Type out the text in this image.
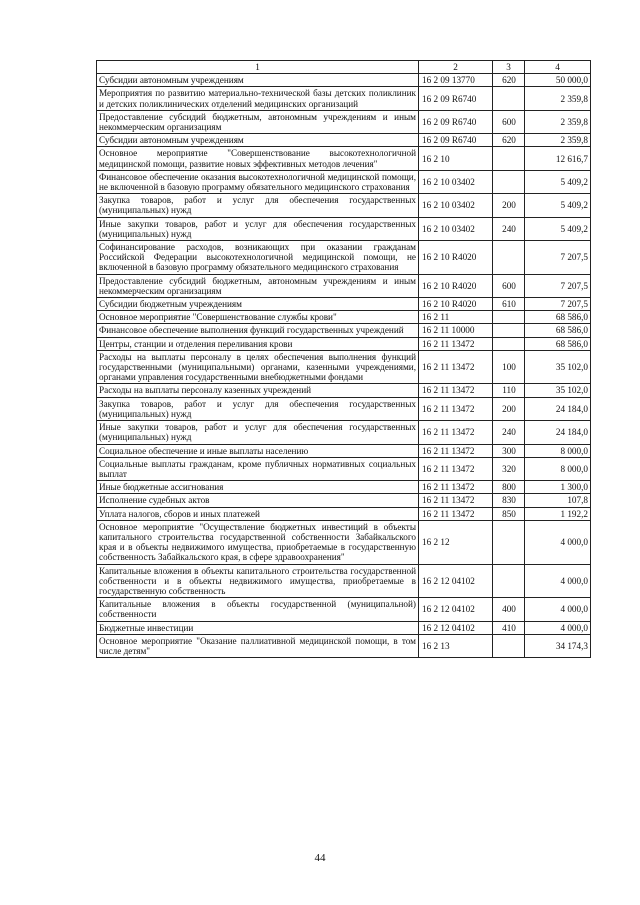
1	2	3	4
Субсидии автономным учреждениям	16 2 09 13770	620	50 000,0
Мероприятия по развитию материально-технической базы детских поликлиник и детских поликлинических отделений медицинских организаций	16 2 09 R6740		2 359,8
Предоставление субсидий бюджетным, автономным учреждениям и иным некоммерческим организациям	16 2 09 R6740	600	2 359,8
Субсидии автономным учреждениям	16 2 09 R6740	620	2 359,8
Основное мероприятие "Совершенствование высокотехнологичной медицинской помощи, развитие новых эффективных методов лечения"	16 2 10		12 616,7
Финансовое обеспечение оказания высокотехнологичной медицинской помощи, не включенной в базовую программу обязательного медицинского страхования	16 2 10 03402		5 409,2
Закупка товаров, работ и услуг для обеспечения государственных (муниципальных) нужд	16 2 10 03402	200	5 409,2
Иные закупки товаров, работ и услуг для обеспечения государственных (муниципальных) нужд	16 2 10 03402	240	5 409,2
Софинансирование расходов, возникающих при оказании гражданам Российской Федерации высокотехнологичной медицинской помощи, не включенной в базовую программу обязательного медицинского страхования	16 2 10 R4020		7 207,5
Предоставление субсидий бюджетным, автономным учреждениям и иным некоммерческим организациям	16 2 10 R4020	600	7 207,5
Субсидии бюджетным учреждениям	16 2 10 R4020	610	7 207,5
Основное мероприятие "Совершенствование службы крови"	16 2 11		68 586,0
Финансовое обеспечение выполнения функций государственных учреждений	16 2 11 10000		68 586,0
Центры, станции и отделения переливания крови	16 2 11 13472		68 586,0
Расходы на выплаты персоналу в целях обеспечения выполнения функций государственными (муниципальными) органами, казенными учреждениями, органами управления государственными внебюджетными фондами	16 2 11 13472	100	35 102,0
Расходы на выплаты персоналу казенных учреждений	16 2 11 13472	110	35 102,0
Закупка товаров, работ и услуг для обеспечения государственных (муниципальных) нужд	16 2 11 13472	200	24 184,0
Иные закупки товаров, работ и услуг для обеспечения государственных (муниципальных) нужд	16 2 11 13472	240	24 184,0
Социальное обеспечение и иные выплаты населению	16 2 11 13472	300	8 000,0
Социальные выплаты гражданам, кроме публичных нормативных социальных выплат	16 2 11 13472	320	8 000,0
Иные бюджетные ассигнования	16 2 11 13472	800	1 300,0
Исполнение судебных актов	16 2 11 13472	830	107,8
Уплата налогов, сборов и иных платежей	16 2 11 13472	850	1 192,2
Основное мероприятие "Осуществление бюджетных инвестиций в объекты капитального строительства государственной собственности Забайкальского края и в объекты недвижимого имущества, приобретаемые в государственную собственность Забайкальского края, в сфере здравоохранения"	16 2 12		4 000,0
Капитальные вложения в объекты капитального строительства государственной собственности и в объекты недвижимого имущества, приобретаемые в государственную собственность	16 2 12 04102		4 000,0
Капитальные вложения в объекты государственной (муниципальной) собственности	16 2 12 04102	400	4 000,0
Бюджетные инвестиции	16 2 12 04102	410	4 000,0
Основное мероприятие "Оказание паллиативной медицинской помощи, в том числе детям"	16 2 13		34 174,3
44
